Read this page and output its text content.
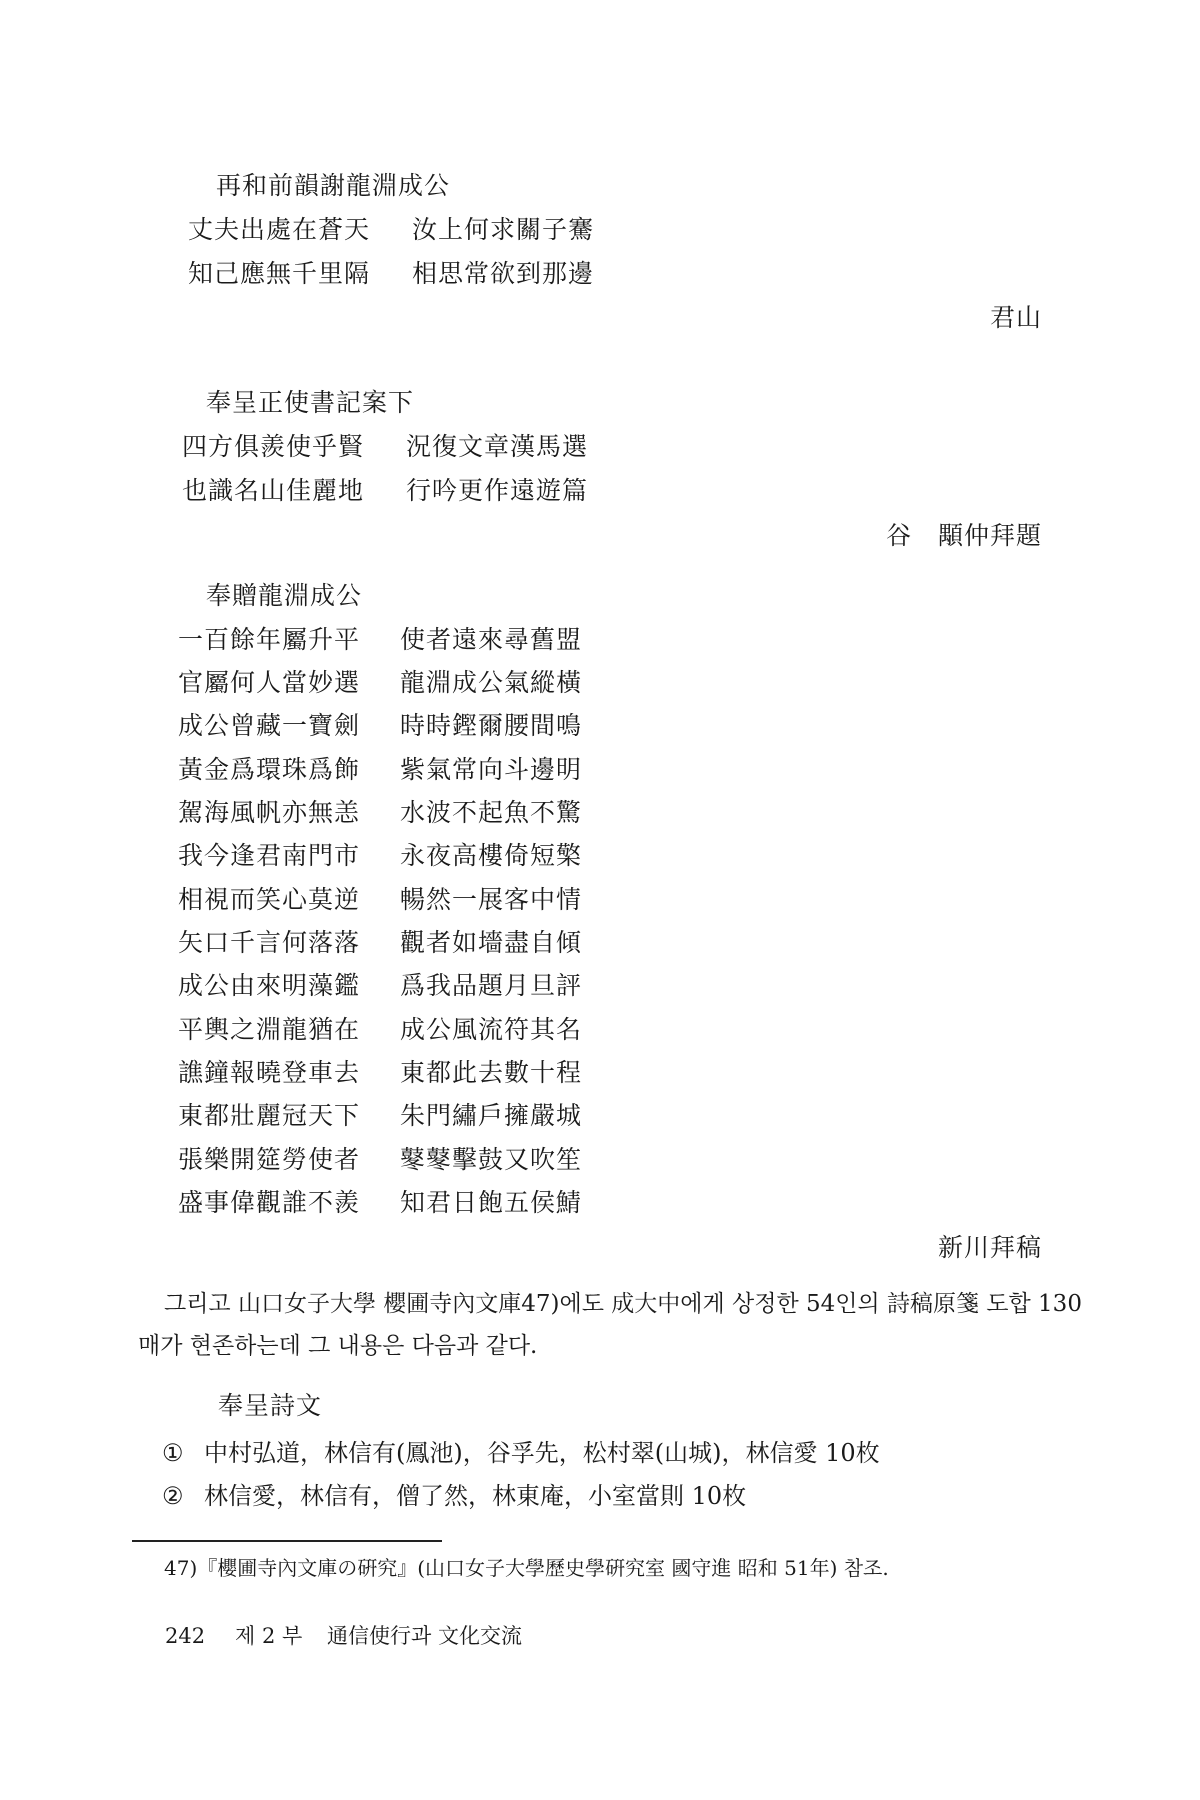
再和前韻謝龍淵成公
丈夫出處在蒼天 汝上何求關子騫
知己應無千里隔 相思常欲到那邊
君山
奉呈正使書記案下
四方俱羨使乎賢 況復文章漢馬選
也識名山佳麗地 行吟更作遠遊篇
谷　顒仲拜題
奉贈龍淵成公
一百餘年屬升平 使者遠來尋舊盟
官屬何人當妙選 龍淵成公氣縱橫
成公曾藏一寶劍 時時鏗爾腰間鳴
黃金爲環珠爲飾 紫氣常向斗邊明
駕海風帆亦無恙 水波不起魚不驚
我今逢君南門市 永夜高樓倚短檠
相視而笑心莫逆 暢然一展客中情
矢口千言何落落 觀者如墻盡自傾
成公由來明藻鑑 爲我品題月旦評
平輿之淵龍猶在 成公風流符其名
譙鐘報曉登車去 東都此去數十程
東都壯麗冠天下 朱門繡戶擁嚴城
張樂開筵勞使者 鼕鼕擊鼓又吹笙
盛事偉觀誰不羨 知君日飽五侯鯖
新川拜稿
그리고 山口女子大學 櫻圃寺內文庫47)에도 成大中에게 상정한 54인의 詩稿原箋 도합 130매가 현존하는데 그 내용은 다음과 같다.
奉呈詩文
① 中村弘道，林信有(鳳池)，谷孚先，松村翠(山城)，林信愛 10枚
② 林信愛，林信有，僧了然，林東庵，小室當則 10枚
47)『櫻圃寺內文庫の硏究』(山口女子大學歷史學硏究室 國守進 昭和 51年) 참조.
242 제 2 부 通信使行과 文化交流
